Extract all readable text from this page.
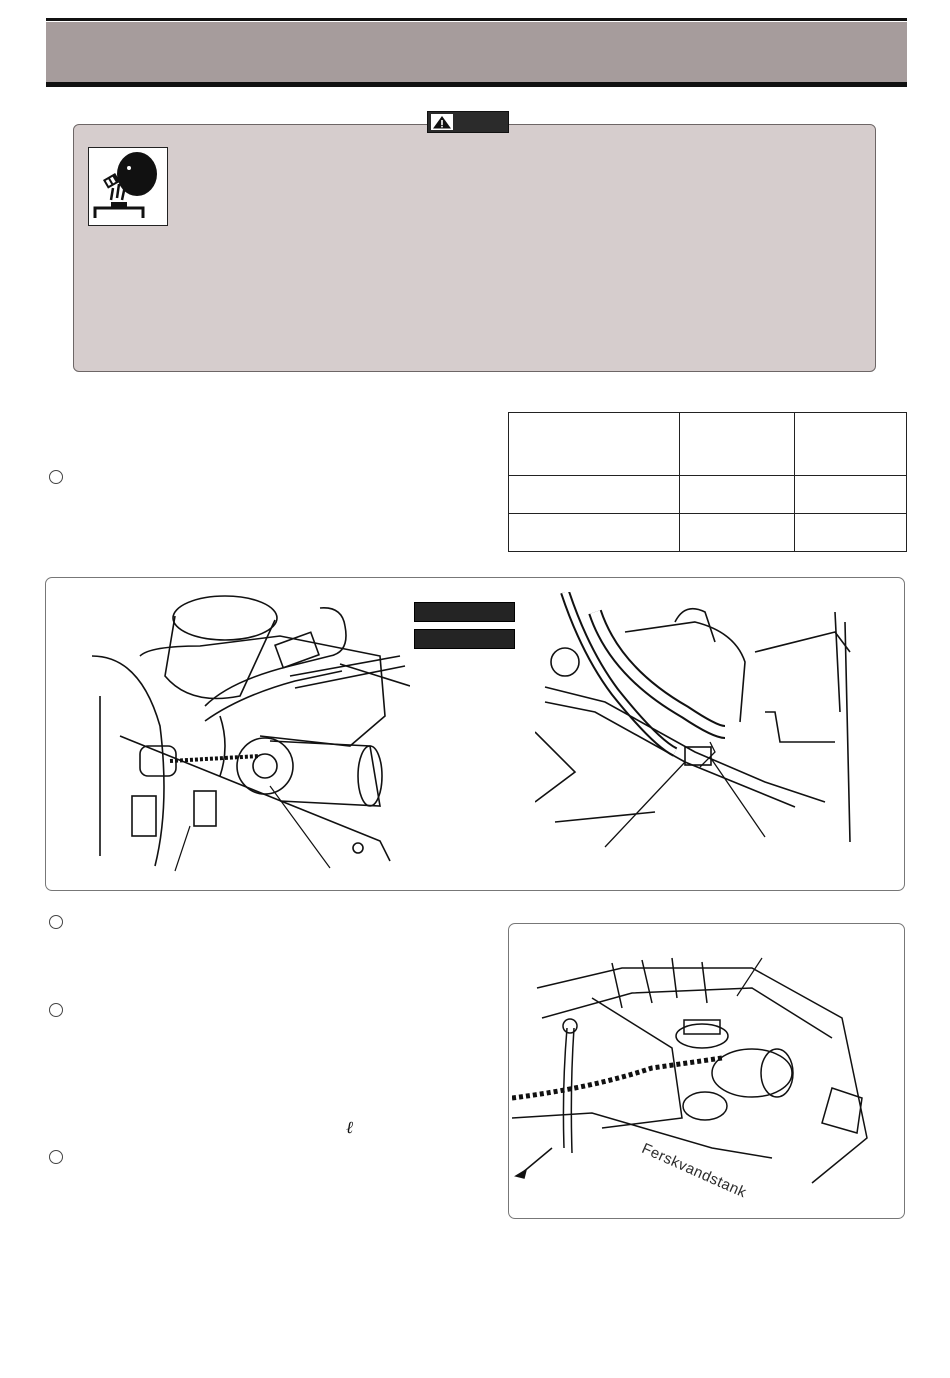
ℓ

Ferskvandstank
